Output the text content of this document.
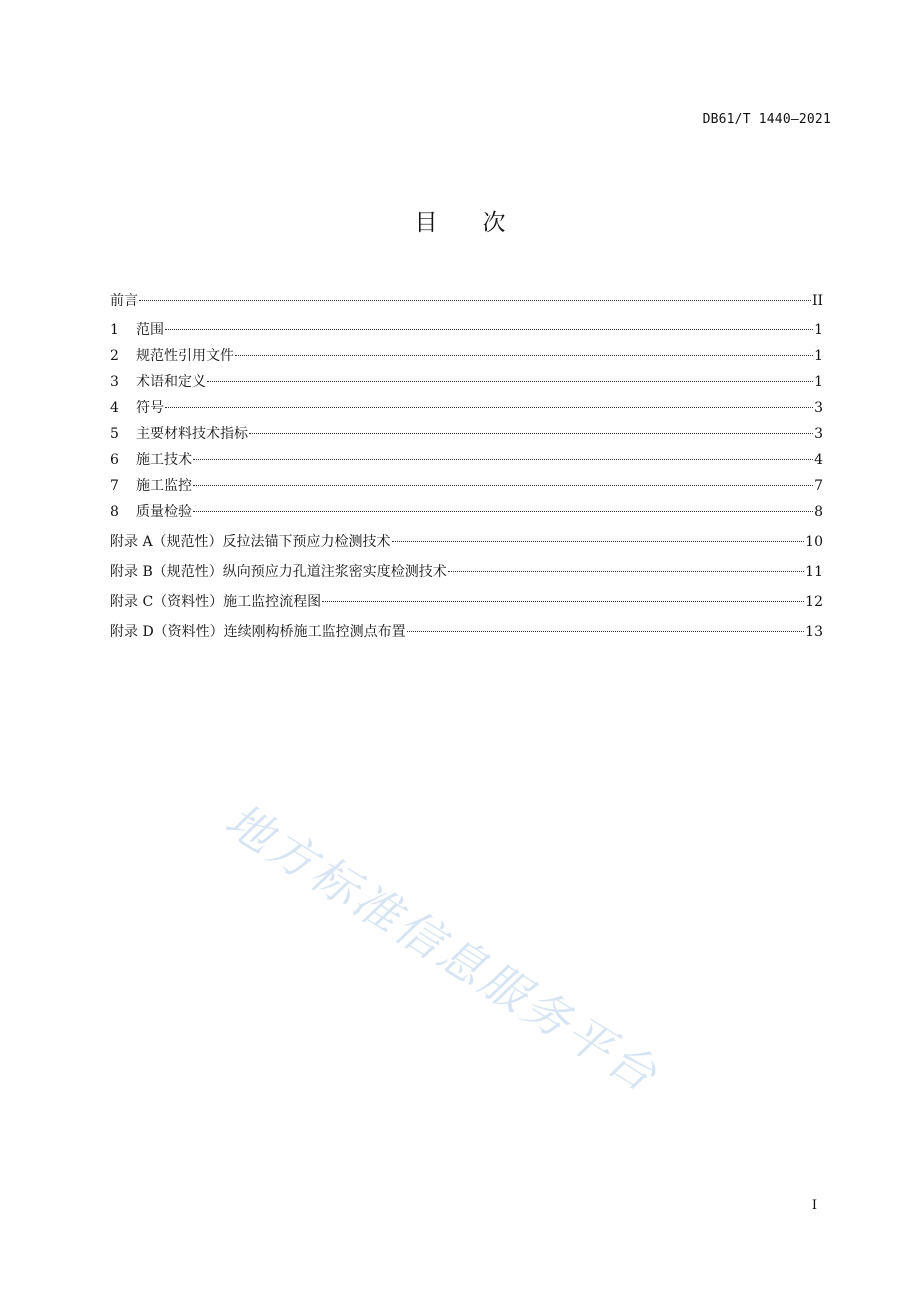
DB61/T 1440—2021
目 次
前言	II
1	范围	1
2	规范性引用文件	1
3	术语和定义	1
4	符号	3
5	主要材料技术指标	3
6	施工技术	4
7	施工监控	7
8	质量检验	8
附录 A（规范性）反拉法锚下预应力检测技术	10
附录 B（规范性）纵向预应力孔道注浆密实度检测技术	11
附录 C（资料性）施工监控流程图	12
附录 D（资料性）连续刚构桥施工监控测点布置	13
地方标准信息服务平台
I
